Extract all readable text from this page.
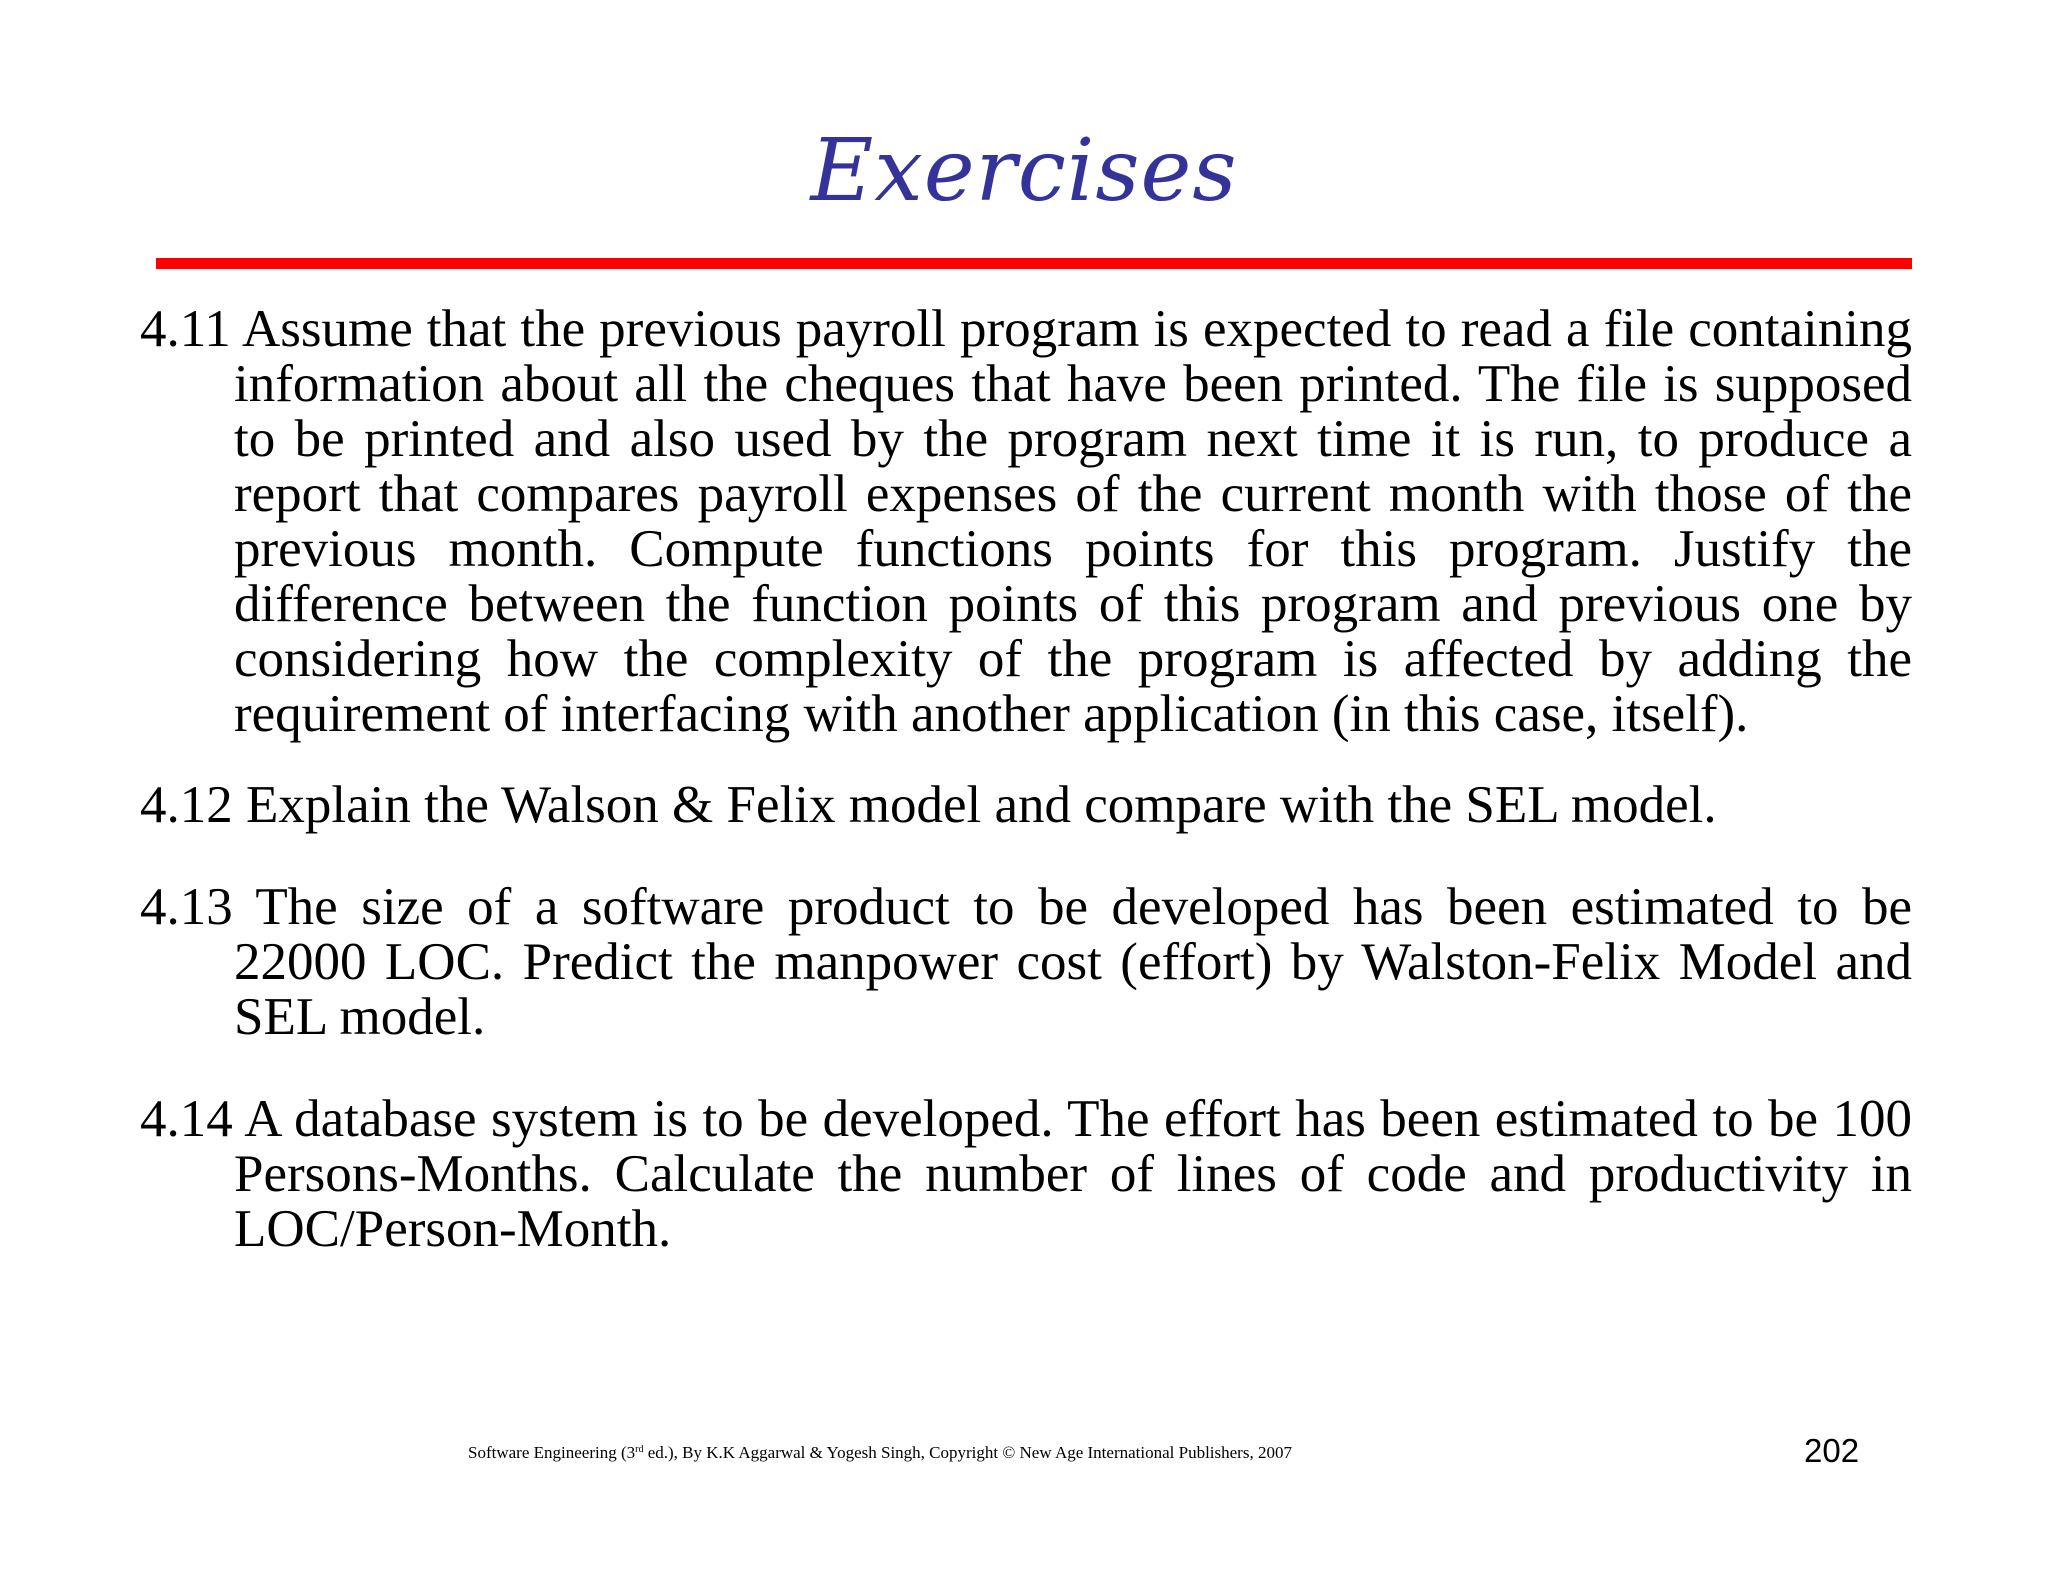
Exercises

4.11 Assume that the previous payroll program is expected to read a file containing information about all the cheques that have been printed. The file is supposed to be printed and also used by the program next time it is run, to produce a report that compares payroll expenses of the current month with those of the previous month. Compute functions points for this program. Justify the difference between the function points of this program and previous one by considering how the complexity of the program is affected by adding the requirement of interfacing with another application (in this case, itself).

4.12 Explain the Walson & Felix model and compare with the SEL model.

4.13 The size of a software product to be developed has been estimated to be 22000 LOC. Predict the manpower cost (effort) by Walston-Felix Model and SEL model.

4.14 A database system is to be developed. The effort has been estimated to be 100 Persons-Months. Calculate the number of lines of code and productivity in LOC/Person-Month.

Software Engineering (3rd ed.), By K.K Aggarwal & Yogesh Singh, Copyright © New Age International Publishers, 2007	202
